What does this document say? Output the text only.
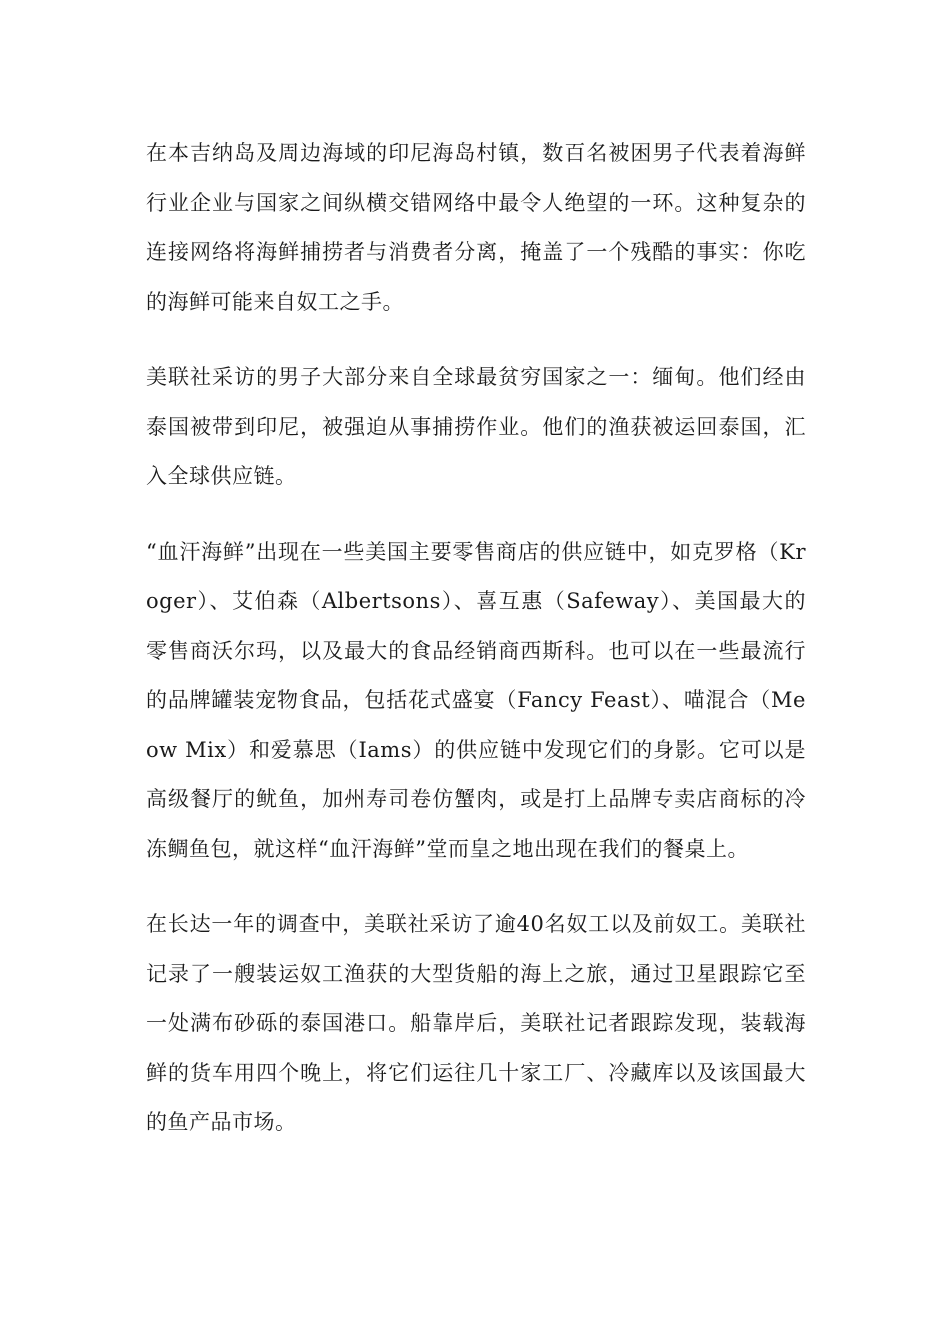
在本吉纳岛及周边海域的印尼海岛村镇，数百名被困男子代表着海鲜行业企业与国家之间纵横交错网络中最令人绝望的一环。这种复杂的连接网络将海鲜捕捞者与消费者分离，掩盖了一个残酷的事实：你吃的海鲜可能来自奴工之手。

美联社采访的男子大部分来自全球最贫穷国家之一：缅甸。他们经由泰国被带到印尼，被强迫从事捕捞作业。他们的渔获被运回泰国，汇入全球供应链。

“血汗海鲜”出现在一些美国主要零售商店的供应链中，如克罗格（Kroger）、艾伯森（Albertsons）、喜互惠（Safeway）、美国最大的零售商沃尔玛，以及最大的食品经销商西斯科。也可以在一些最流行的品牌罐装宠物食品，包括花式盛宴（Fancy Feast）、喵混合（Meow Mix）和爱慕思（Iams）的供应链中发现它们的身影。它可以是高级餐厅的鱿鱼，加州寿司卷仿蟹肉，或是打上品牌专卖店商标的冷冻鲷鱼包，就这样“血汗海鲜”堂而皇之地出现在我们的餐桌上。

在长达一年的调查中，美联社采访了逾40名奴工以及前奴工。美联社记录了一艘装运奴工渔获的大型货船的海上之旅，通过卫星跟踪它至一处满布砂砾的泰国港口。船靠岸后，美联社记者跟踪发现，装载海鲜的货车用四个晚上，将它们运往几十家工厂、冷藏库以及该国最大的鱼产品市场。
